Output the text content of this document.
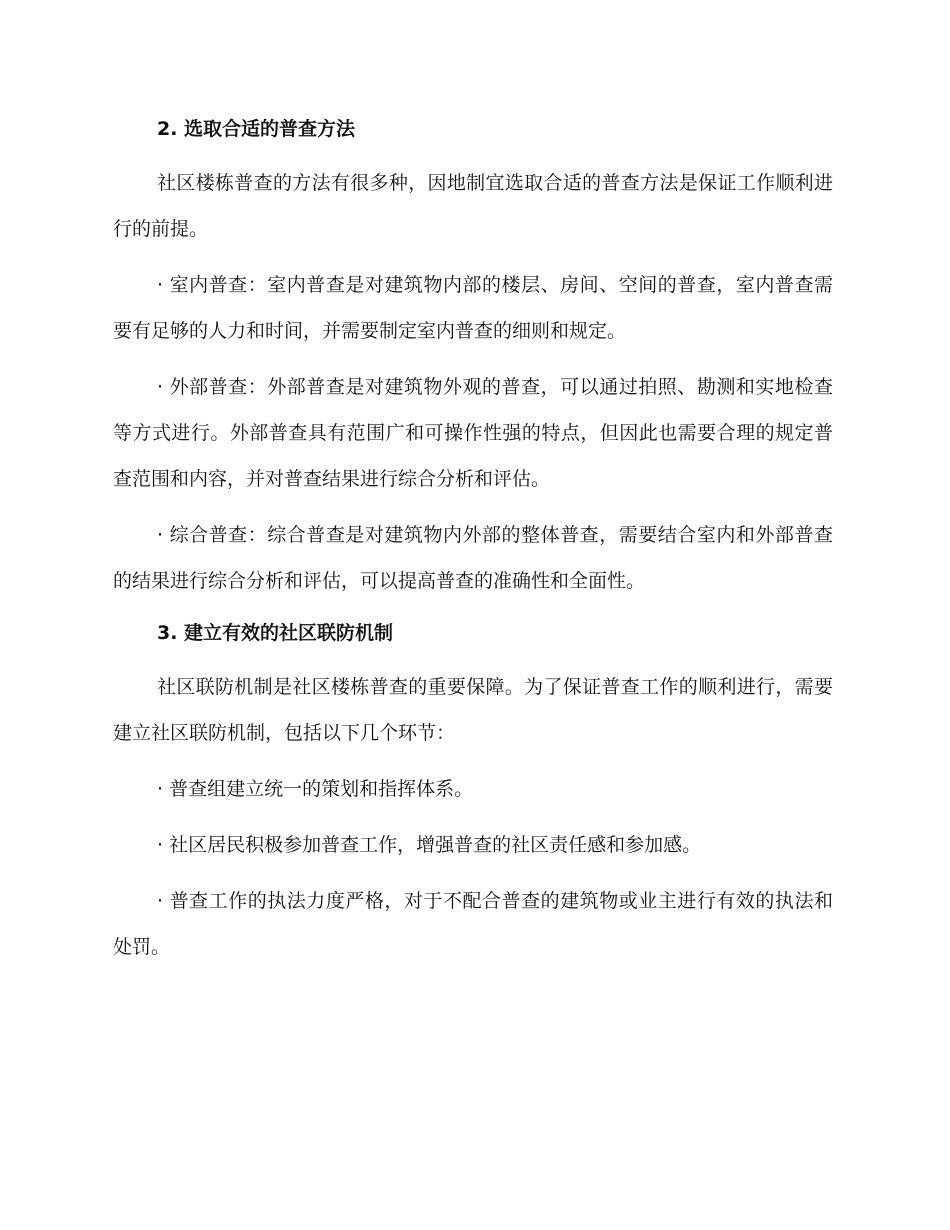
2. 选取合适的普查方法

社区楼栋普查的方法有很多种，因地制宜选取合适的普查方法是保证工作顺利进行的前提。

· 室内普查：室内普查是对建筑物内部的楼层、房间、空间的普查，室内普查需要有足够的人力和时间，并需要制定室内普查的细则和规定。

· 外部普查：外部普查是对建筑物外观的普查，可以通过拍照、勘测和实地检查等方式进行。外部普查具有范围广和可操作性强的特点，但因此也需要合理的规定普查范围和内容，并对普查结果进行综合分析和评估。

· 综合普查：综合普查是对建筑物内外部的整体普查，需要结合室内和外部普查的结果进行综合分析和评估，可以提高普查的准确性和全面性。

3. 建立有效的社区联防机制

社区联防机制是社区楼栋普查的重要保障。为了保证普查工作的顺利进行，需要建立社区联防机制，包括以下几个环节：

· 普查组建立统一的策划和指挥体系。

· 社区居民积极参加普查工作，增强普查的社区责任感和参加感。

· 普查工作的执法力度严格，对于不配合普查的建筑物或业主进行有效的执法和处罚。
